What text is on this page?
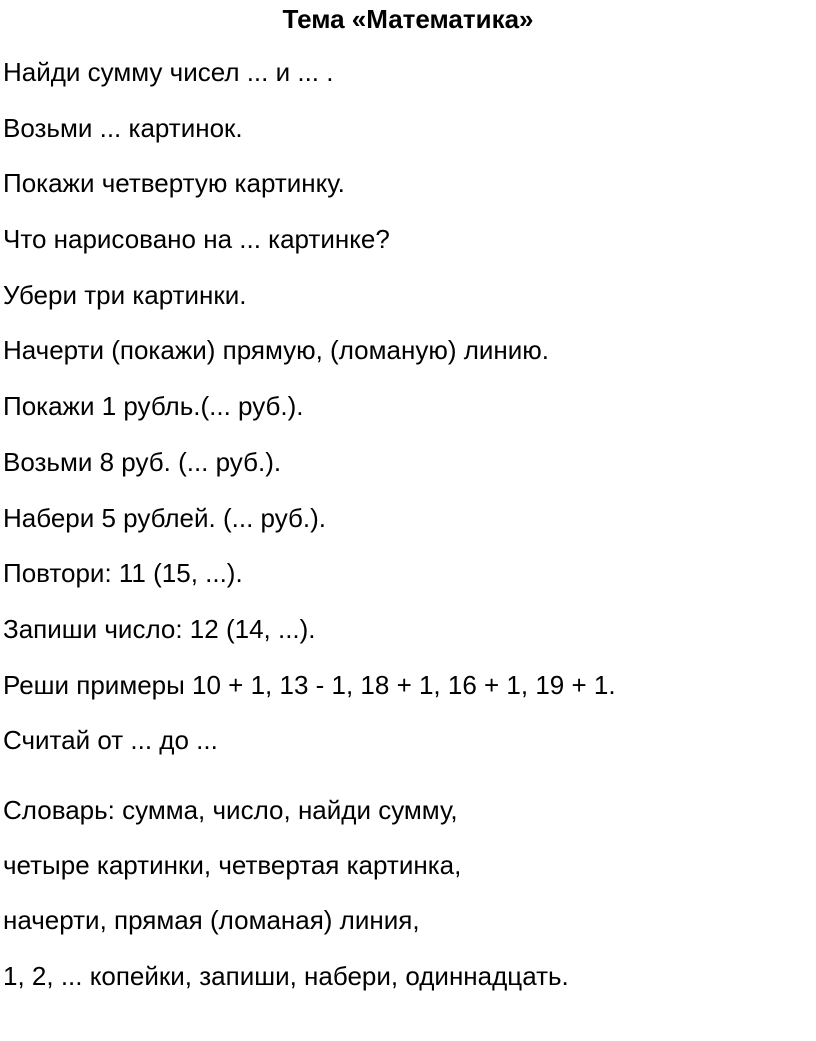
Тема «Математика»
Найди сумму чисел ... и ... .
Возьми ... картинок.
Покажи четвертую картинку.
Что нарисовано на ... картинке?
Убери три картинки.
Начерти (покажи) прямую, (ломаную) линию.
Покажи 1 рубль.(... руб.).
Возьми 8 руб. (... руб.).
Набери 5 рублей. (... руб.).
Повтори: 11 (15, ...).
Запиши число: 12 (14, ...).
Реши примеры 10 + 1, 13 - 1, 18 + 1, 16 + 1, 19 + 1.
Считай от ... до ...
Словарь: сумма, число, найди сумму,
четыре картинки, четвертая картинка,
начерти, прямая (ломаная) линия,
1, 2, ... копейки, запиши, набери, одиннадцать.
